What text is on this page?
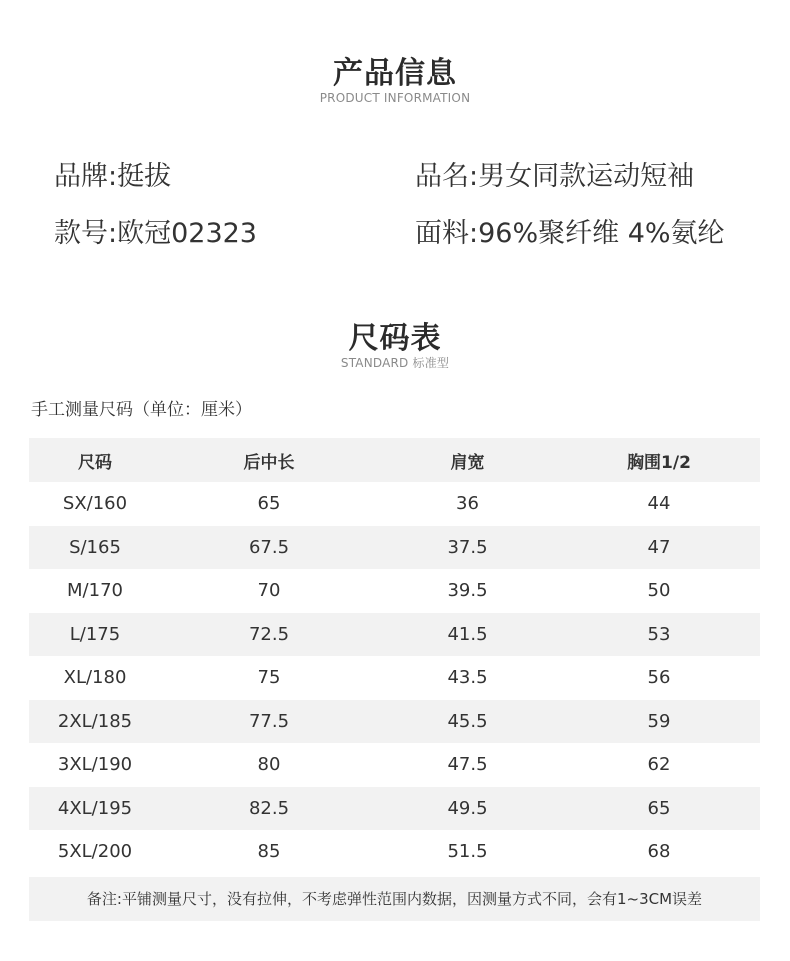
产品信息
PRODUCT INFORMATION
品牌:挺拔	品名:男女同款运动短袖
款号:欧冠02323	面料:96%聚纤维 4%氨纶
尺码表
STANDARD 标准型
手工测量尺码（单位：厘米）
尺码	后中长	肩宽	胸围1/2
SX/160	65	36	44
S/165	67.5	37.5	47
M/170	70	39.5	50
L/175	72.5	41.5	53
XL/180	75	43.5	56
2XL/185	77.5	45.5	59
3XL/190	80	47.5	62
4XL/195	82.5	49.5	65
5XL/200	85	51.5	68
备注:平铺测量尺寸，没有拉伸，不考虑弹性范围内数据，因测量方式不同，会有1~3CM误差
